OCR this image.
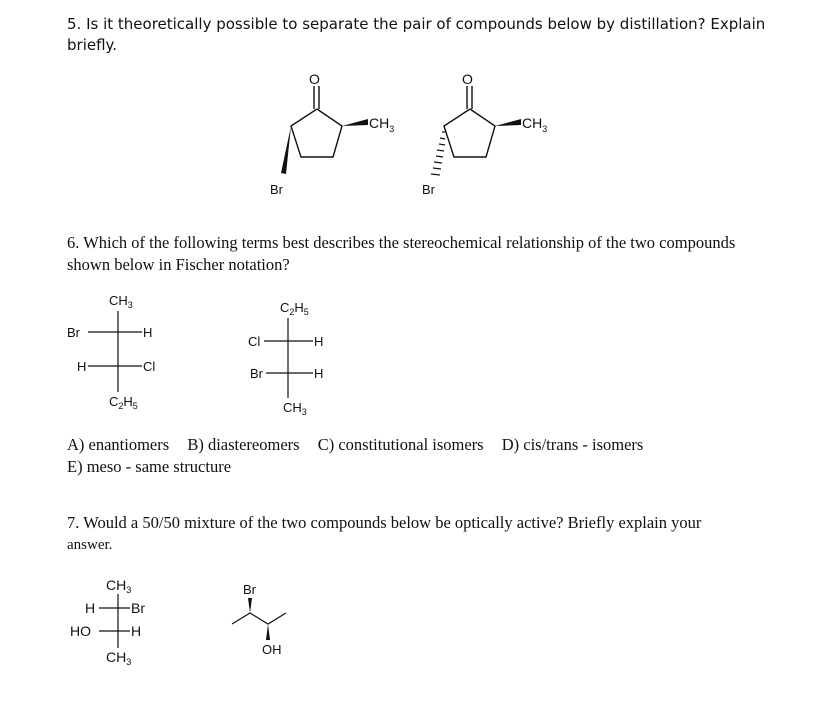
5. Is it theoretically possible to separate the pair of compounds below by distillation? Explain briefly.
6. Which of the following terms best describes the stereochemical relationship of the two compounds shown below in Fischer notation?
A) enantiomers B) diastereomers C) constitutional isomers D) cis/trans - isomers
E) meso - same structure
7. Would a 50/50 mixture of the two compounds below be optically active? Briefly explain your
answer.
O
$CH_3$
Br
O
$CH_3$
Br
$CH_3$
Br	H
H	Cl
$C_2H_5$
$C_2H_5$
Cl	H
Br	H
$CH_3$
$CH_3$
H	Br
HO	H
$CH_3$
Br
OH
